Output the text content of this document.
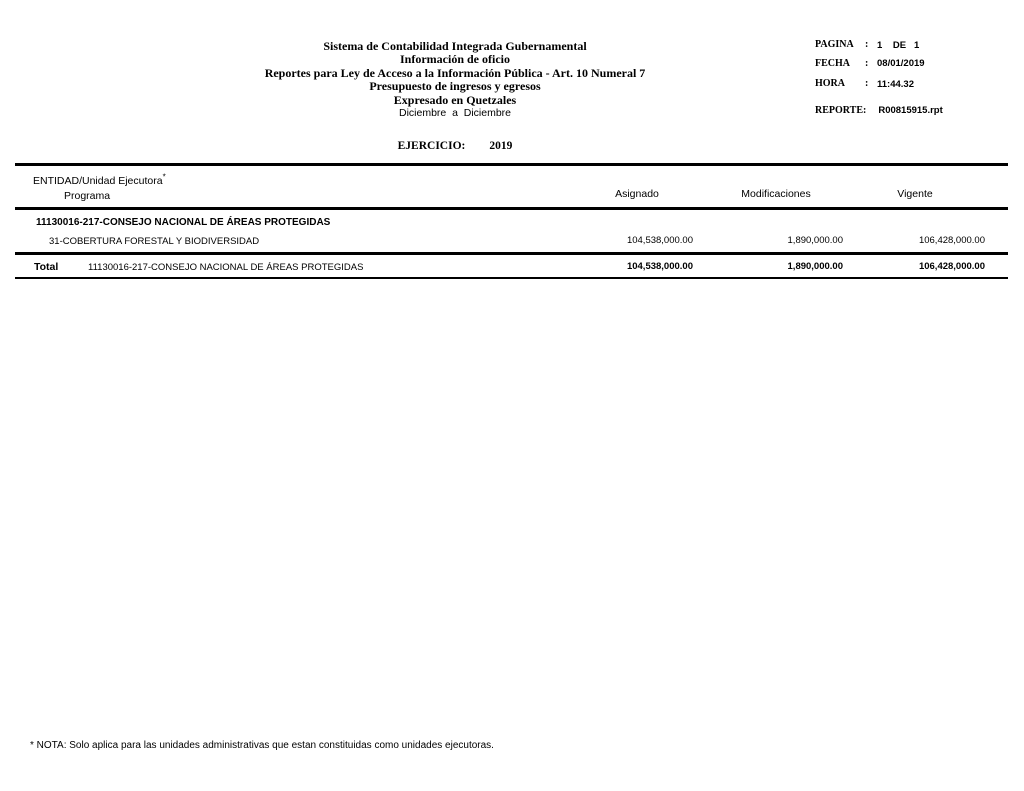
Sistema de Contabilidad Integrada Gubernamental
Información de oficio
Reportes para Ley de Acceso a la Información Pública - Art. 10 Numeral 7
Presupuesto de ingresos y egresos
Expresado en Quetzales
Diciembre  a  Diciembre
EJERCICIO: 2019
PAGINA	: 1    DE   1
FECHA	: 08/01/2019
HORA	: 11:44.32
REPORTE: R00815915.rpt
ENTIDAD/Unidad Ejecutora*
Programa	Asignado	Modificaciones	Vigente
11130016-217-CONSEJO NACIONAL DE ÁREAS PROTEGIDAS
31-COBERTURA FORESTAL Y BIODIVERSIDAD	104,538,000.00	1,890,000.00	106,428,000.00
Total	11130016-217-CONSEJO NACIONAL DE ÁREAS PROTEGIDAS	104,538,000.00	1,890,000.00	106,428,000.00
* NOTA: Solo aplica para las unidades administrativas que estan constituidas como unidades ejecutoras.
